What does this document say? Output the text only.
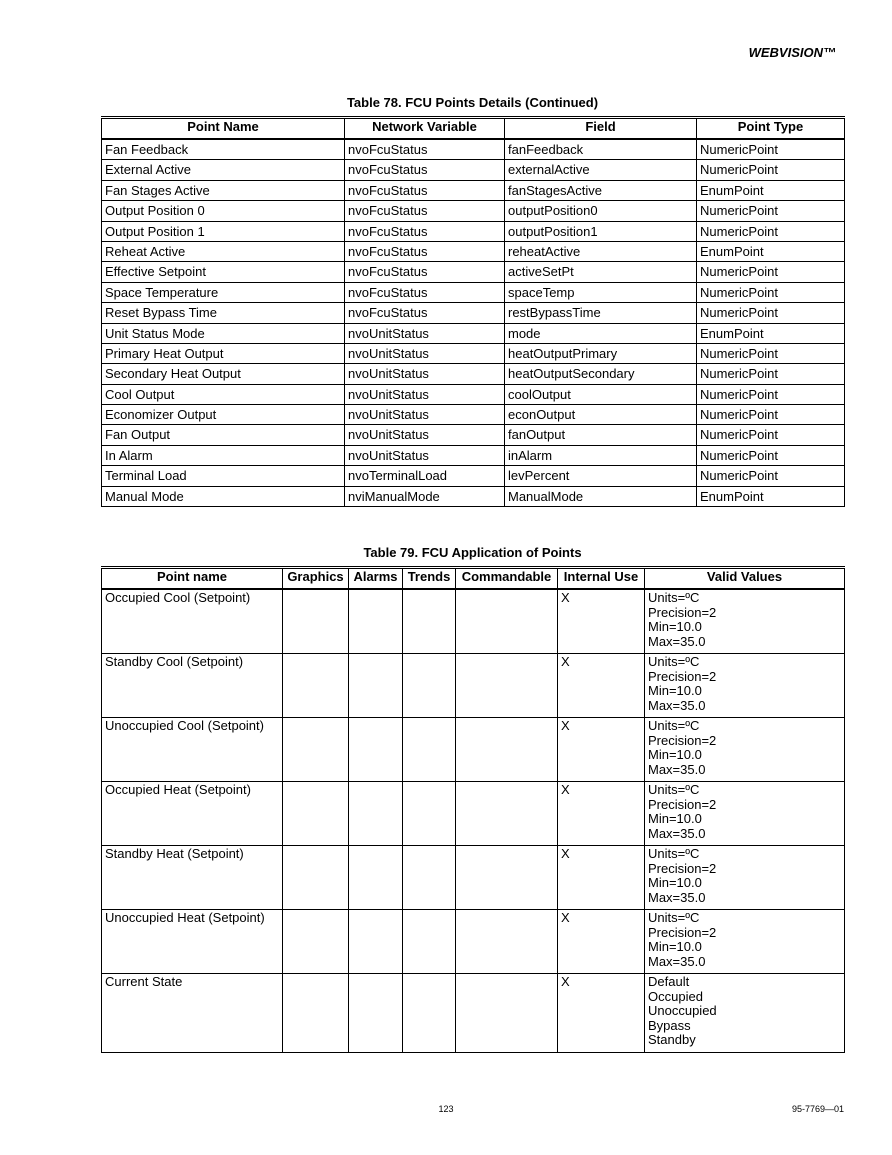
WEBVISION™
Table 78. FCU Points Details (Continued)
Point Name	Network Variable	Field	Point Type
Fan Feedback	nvoFcuStatus	fanFeedback	NumericPoint
External Active	nvoFcuStatus	externalActive	NumericPoint
Fan Stages Active	nvoFcuStatus	fanStagesActive	EnumPoint
Output Position 0	nvoFcuStatus	outputPosition0	NumericPoint
Output Position 1	nvoFcuStatus	outputPosition1	NumericPoint
Reheat Active	nvoFcuStatus	reheatActive	EnumPoint
Effective Setpoint	nvoFcuStatus	activeSetPt	NumericPoint
Space Temperature	nvoFcuStatus	spaceTemp	NumericPoint
Reset Bypass Time	nvoFcuStatus	restBypassTime	NumericPoint
Unit Status Mode	nvoUnitStatus	mode	EnumPoint
Primary Heat Output	nvoUnitStatus	heatOutputPrimary	NumericPoint
Secondary Heat Output	nvoUnitStatus	heatOutputSecondary	NumericPoint
Cool Output	nvoUnitStatus	coolOutput	NumericPoint
Economizer Output	nvoUnitStatus	econOutput	NumericPoint
Fan Output	nvoUnitStatus	fanOutput	NumericPoint
In Alarm	nvoUnitStatus	inAlarm	NumericPoint
Terminal Load	nvoTerminalLoad	levPercent	NumericPoint
Manual Mode	nviManualMode	ManualMode	EnumPoint
Table 79. FCU Application of Points
Point name	Graphics	Alarms	Trends	Commandable	Internal Use	Valid Values
Occupied Cool (Setpoint)					X	Units=ºC
Precision=2
Min=10.0
Max=35.0

Standby Cool (Setpoint)					X	Units=ºC
Precision=2
Min=10.0
Max=35.0

Unoccupied Cool (Setpoint)					X	Units=ºC
Precision=2
Min=10.0
Max=35.0

Occupied Heat (Setpoint)					X	Units=ºC
Precision=2
Min=10.0
Max=35.0

Standby Heat (Setpoint)					X	Units=ºC
Precision=2
Min=10.0
Max=35.0

Unoccupied Heat (Setpoint)					X	Units=ºC
Precision=2
Min=10.0
Max=35.0

Current State					X	Default
Occupied
Unoccupied
Bypass
Standby
123	95-7769—01
